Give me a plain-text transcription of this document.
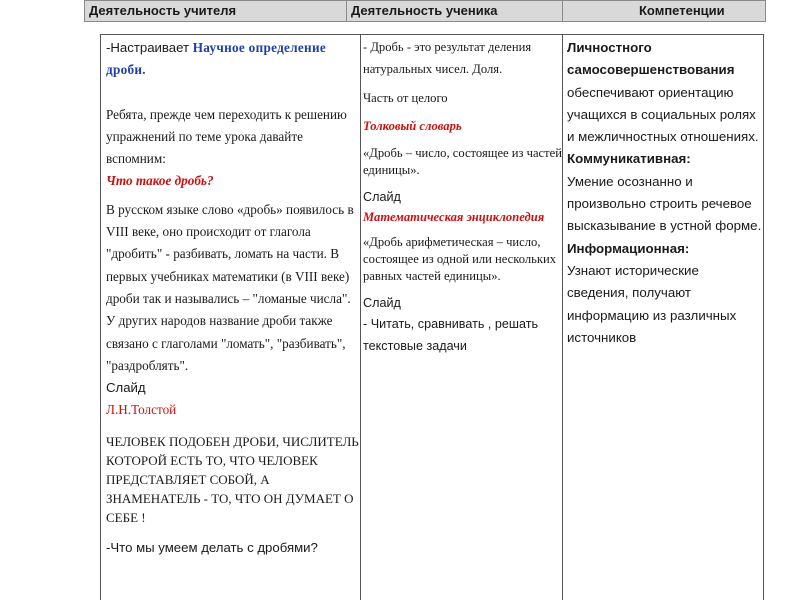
Деятельность учителя	Деятельность ученика	Компетенции

-Настраивает Научное определение дроби.

Ребята, прежде чем переходить к решению упражнений по теме урока давайте вспомним:

Что такое дробь?

В русском языке слово «дробь» появилось в VIII веке, оно происходит от глагола "дробить" - разбивать, ломать на части. В первых учебниках математики (в VIII веке) дроби так и назывались – "ломаные числа". У других народов название дроби также связано с глаголами "ломать", "разбивать", "раздроблять".

Слайд

Л.Н.Толстой

ЧЕЛОВЕК ПОДОБЕН ДРОБИ, ЧИСЛИТЕЛЬ КОТОРОЙ ЕСТЬ ТО, ЧТО ЧЕЛОВЕК ПРЕДСТАВЛЯЕТ СОБОЙ, А ЗНАМЕНАТЕЛЬ - ТО, ЧТО ОН ДУМАЕТ О СЕБЕ !

-Что мы умеем делать с дробями?

- Дробь - это результат деления натуральных чисел. Доля.

Часть от целого

Толковый словарь

«Дробь – число, состоящее из частей единицы».

Слайд

Математическая энциклопедия

«Дробь арифметическая – число, состоящее из одной или нескольких равных частей единицы».

Слайд

- Читать, сравнивать , решать текстовые задачи

Личностного самосовершенствования обеспечивают ориентацию учащихся в социальных ролях и межличностных отношениях.

Коммуникативная:

Умение осознанно и произвольно строить речевое высказывание в устной форме.

Информационная:

Узнают исторические сведения, получают информацию из различных источников
